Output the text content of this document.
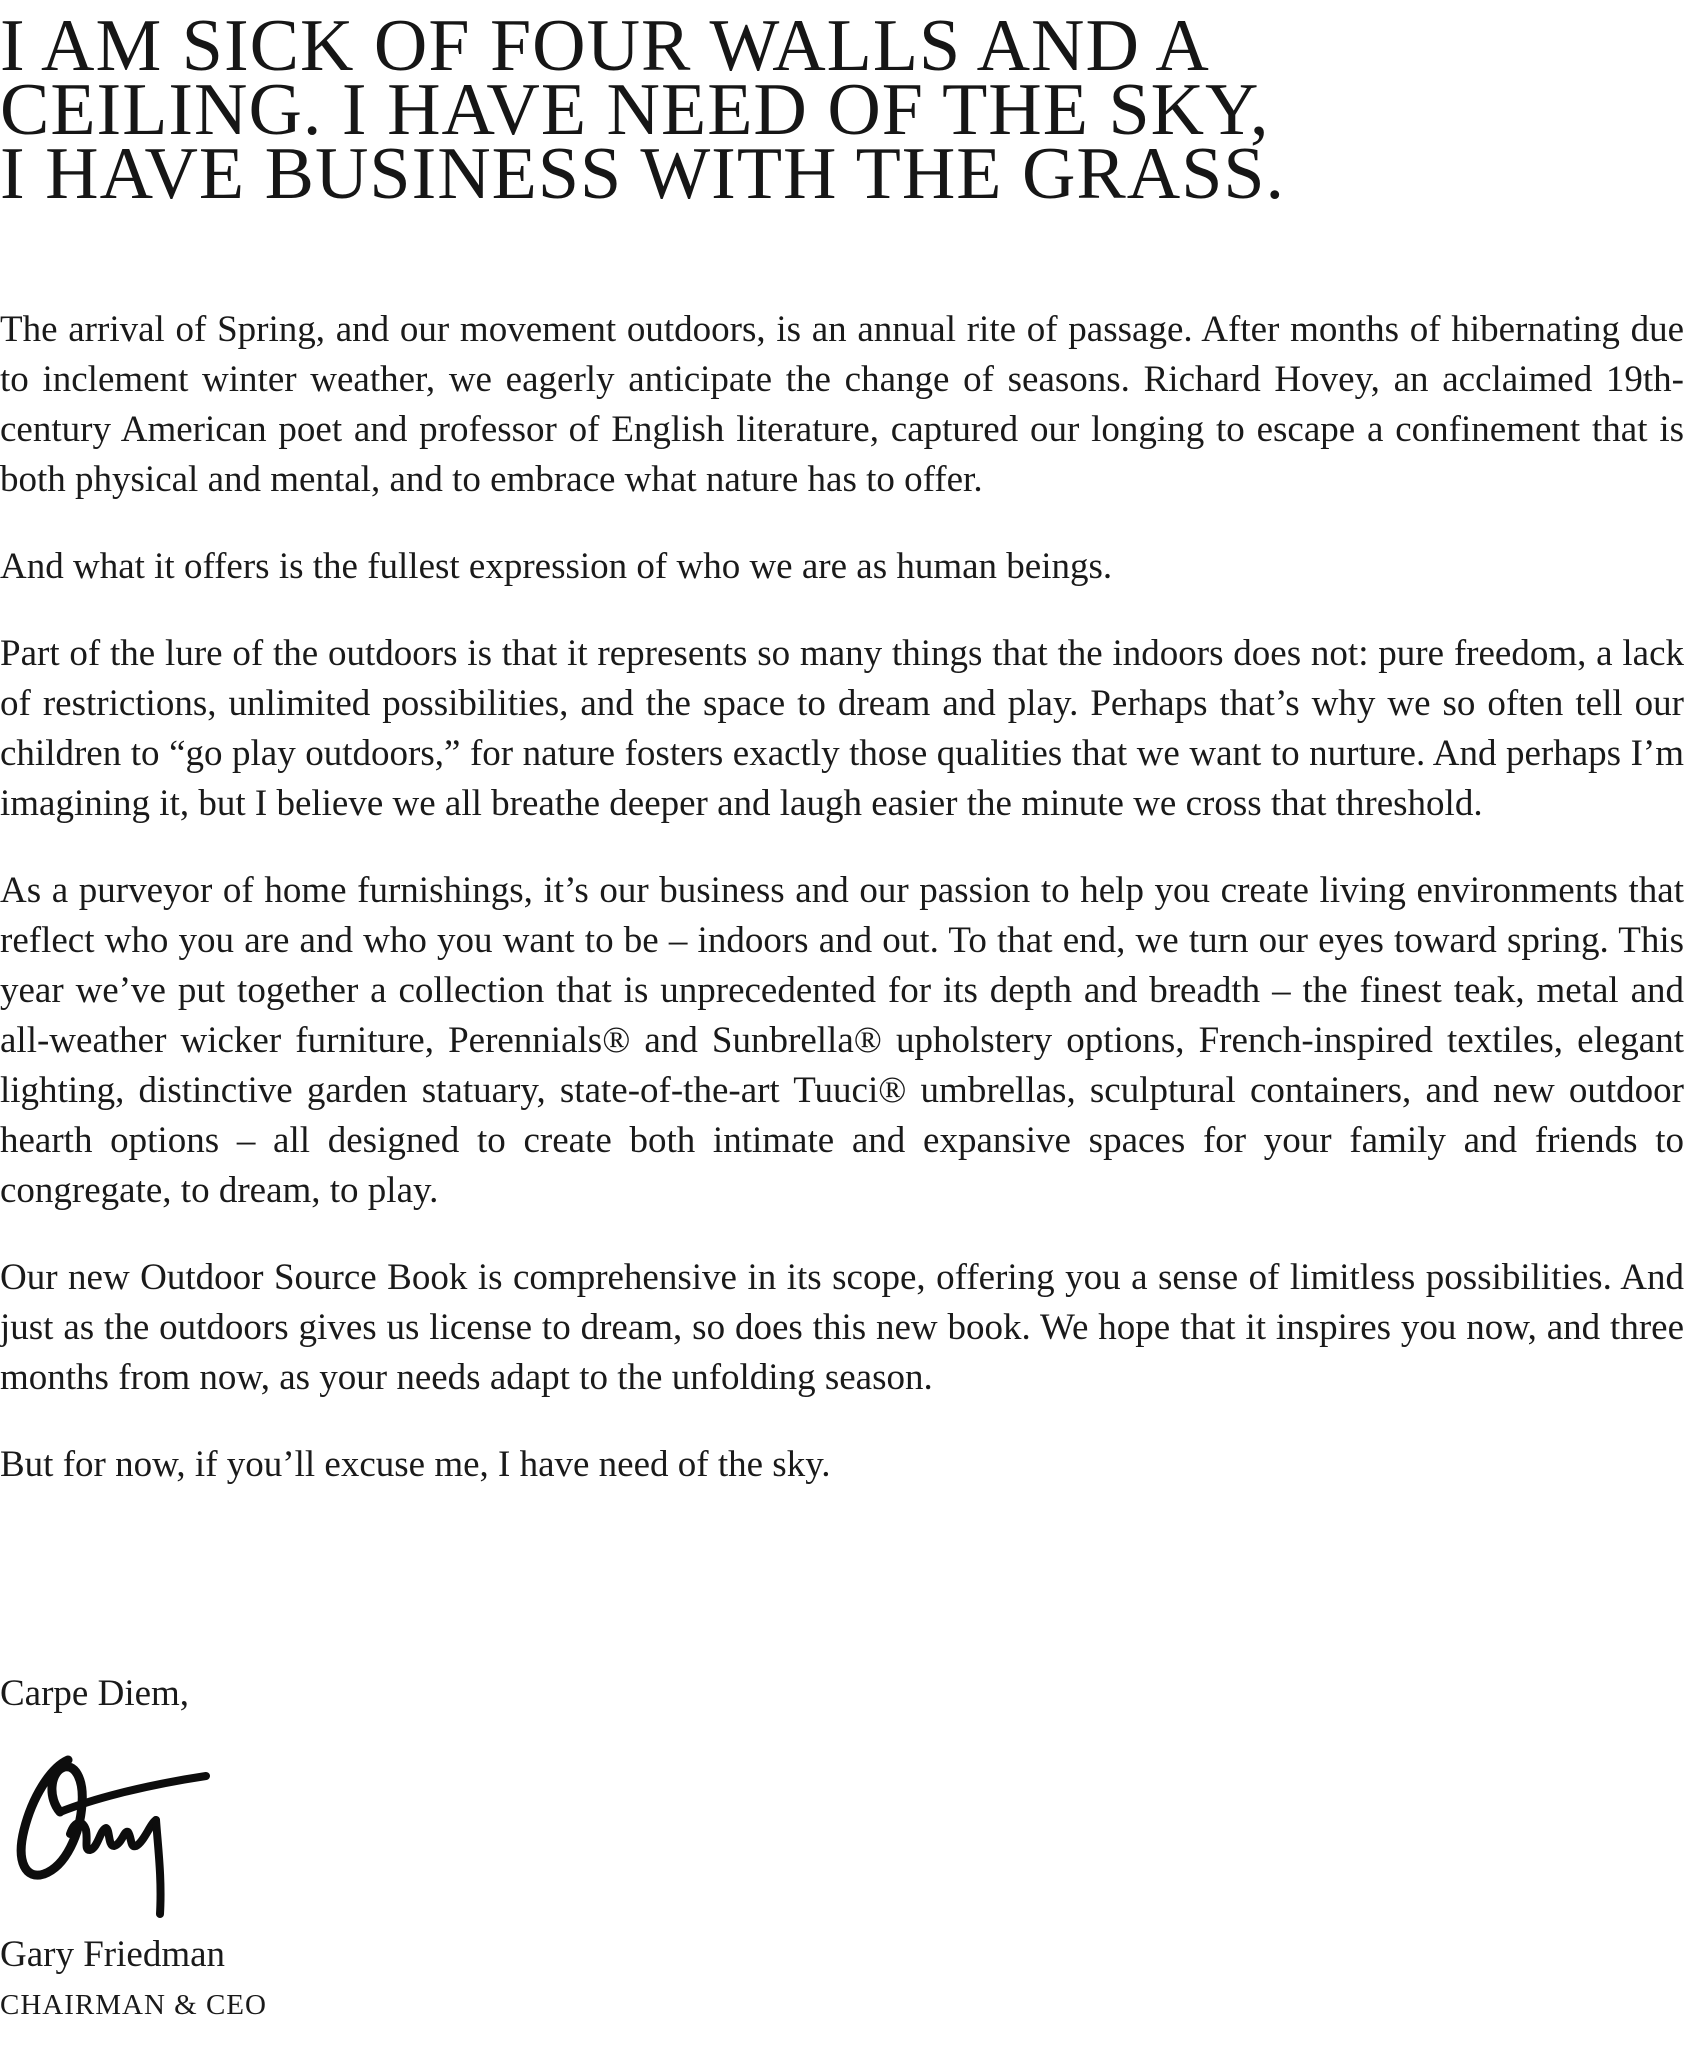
I AM SICK OF FOUR WALLS AND A
CEILING. I HAVE NEED OF THE SKY,
I HAVE BUSINESS WITH THE GRASS.

The arrival of Spring, and our movement outdoors, is an annual rite of passage. After months of hibernating due to inclement winter weather, we eagerly anticipate the change of seasons. Richard Hovey, an acclaimed 19th-century American poet and professor of English literature, captured our longing to escape a confinement that is both physical and mental, and to embrace what nature has to offer.

And what it offers is the fullest expression of who we are as human beings.

Part of the lure of the outdoors is that it represents so many things that the indoors does not: pure freedom, a lack of restrictions, unlimited possibilities, and the space to dream and play. Perhaps that’s why we so often tell our children to “go play outdoors,” for nature fosters exactly those qualities that we want to nurture. And perhaps I’m imagining it, but I believe we all breathe deeper and laugh easier the minute we cross that threshold.

As a purveyor of home furnishings, it’s our business and our passion to help you create living environments that reflect who you are and who you want to be – indoors and out. To that end, we turn our eyes toward spring. This year we’ve put together a collection that is unprecedented for its depth and breadth – the finest teak, metal and all-weather wicker furniture, Perennials® and Sunbrella® upholstery options, French-inspired textiles, elegant lighting, distinctive garden statuary, state-of-the-art Tuuci® umbrellas, sculptural containers, and new outdoor hearth options – all designed to create both intimate and expansive spaces for your family and friends to congregate, to dream, to play.

Our new Outdoor Source Book is comprehensive in its scope, offering you a sense of limitless possibilities. And just as the outdoors gives us license to dream, so does this new book. We hope that it inspires you now, and three months from now, as your needs adapt to the unfolding season.

But for now, if you’ll excuse me, I have need of the sky.

Carpe Diem,
Gary Friedman
CHAIRMAN & CEO
